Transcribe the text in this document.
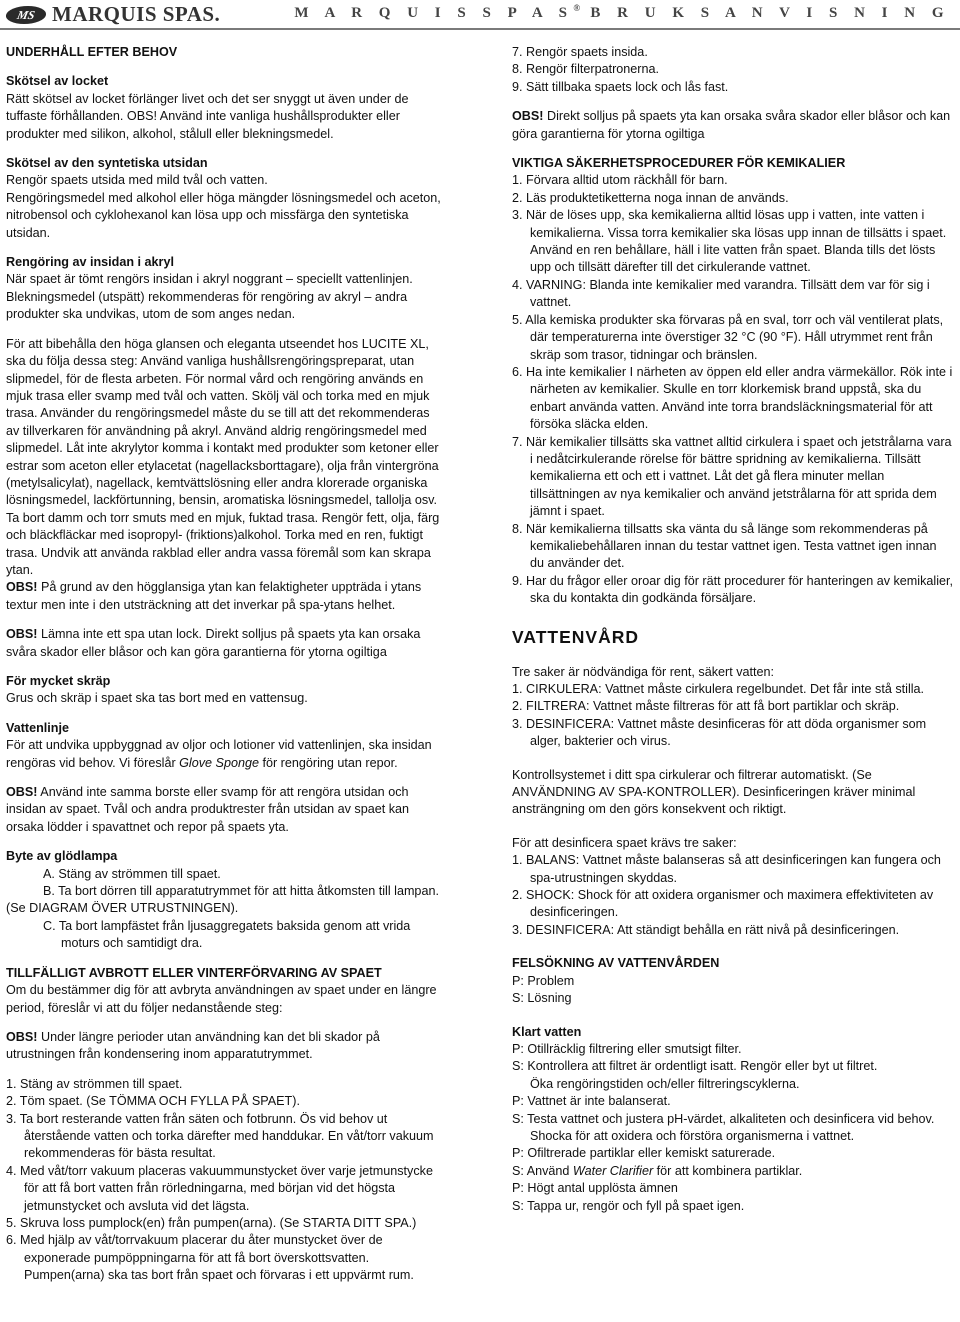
MS MARQUIS SPAS.	M A R Q U I S S P A S® B R U K S A N V I S N I N G

UNDERHÅLL EFTER BEHOV

Skötsel av locket

Rätt skötsel av locket förlänger livet och det ser snyggt ut även under de tuffaste förhållanden. OBS! Använd inte vanliga hushållsprodukter eller produkter med silikon, alkohol, stålull eller blekningsmedel.

Skötsel av den syntetiska utsidan

Rengör spaets utsida med mild tvål och vatten.

Rengöringsmedel med alkohol eller höga mängder lösningsmedel och aceton, nitrobensol och cyklohexanol kan lösa upp och missfärga den syntetiska utsidan.

Rengöring av insidan i akryl

När spaet är tömt rengörs insidan i akryl noggrant – speciellt vattenlinjen.

Blekningsmedel (utspätt) rekommenderas för rengöring av akryl – andra produkter ska undvikas, utom de som anges nedan.

För att bibehålla den höga glansen och eleganta utseendet hos LUCITE XL, ska du följa dessa steg: Använd vanliga hushållsrengöringspreparat, utan slipmedel, för de flesta arbeten. För normal vård och rengöring används en mjuk trasa eller svamp med tvål och vatten. Skölj väl och torka med en mjuk trasa. Använder du rengöringsmedel måste du se till att det rekommenderas av tillverkaren för användning på akryl. Använd aldrig rengöringsmedel med slipmedel. Låt inte akrylytor komma i kontakt med produkter som ketoner eller estrar som aceton eller etylacetat (nagellacksborttagare), olja från vintergröna (metylsalicylat), nagellack, kemtvättslösning eller andra klorerade organiska lösningsmedel, lackförtunning, bensin, aromatiska lösningsmedel, tallolja osv. Ta bort damm och torr smuts med en mjuk, fuktad trasa. Rengör fett, olja, färg och bläckfläckar med isopropyl- (friktions)alkohol. Torka med en ren, fuktigt trasa. Undvik att använda rakblad eller andra vassa föremål som kan skrapa ytan.

OBS! På grund av den högglansiga ytan kan felaktigheter uppträda i ytans textur men inte i den utsträckning att det inverkar på spa-ytans helhet.

OBS! Lämna inte ett spa utan lock. Direkt solljus på spaets yta kan orsaka svåra skador eller blåsor och kan göra garantierna för ytorna ogiltiga

För mycket skräp

Grus och skräp i spaet ska tas bort med en vattensug.

Vattenlinje

För att undvika uppbyggnad av oljor och lotioner vid vattenlinjen, ska insidan rengöras vid behov. Vi föreslår Glove Sponge för rengöring utan repor.

OBS! Använd inte samma borste eller svamp för att rengöra utsidan och insidan av spaet. Tvål och andra produktrester från utsidan av spaet kan orsaka lödder i spavattnet och repor på spaets yta.

Byte av glödlampa

A. Stäng av strömmen till spaet.

B. Ta bort dörren till apparatutrymmet för att hitta åtkomsten till lampan.

(Se DIAGRAM ÖVER UTRUSTNINGEN).

C. Ta bort lampfästet från ljusaggregatets baksida genom att vrida moturs och samtidigt dra.

TILLFÄLLIGT AVBROTT ELLER VINTERFÖRVARING AV SPAET

Om du bestämmer dig för att avbryta användningen av spaet under en längre period, föreslår vi att du följer nedanstående steg:

OBS! Under längre perioder utan användning kan det bli skador på utrustningen från kondensering inom apparatutrymmet.

1. Stäng av strömmen till spaet.

2. Töm spaet. (Se TÖMMA OCH FYLLA PÅ SPAET).

3. Ta bort resterande vatten från säten och fotbrunn. Ös vid behov ut återstående vatten och torka därefter med handdukar. En våt/torr vakuum rekommenderas för bästa resultat.

4. Med våt/torr vakuum placeras vakuummunstycket över varje jetmunstycke för att få bort vatten från rörledningarna, med början vid det högsta jetmunstycket och avsluta vid det lägsta.

5. Skruva loss pumplock(en) från pumpen(arna). (Se STARTA DITT SPA.)

6. Med hjälp av våt/torrvakuum placerar du åter munstycket över de exponerade pumpöppningarna för att få bort överskottsvatten. Pumpen(arna) ska tas bort från spaet och förvaras i ett uppvärmt rum.

7. Rengör spaets insida.

8. Rengör filterpatronerna.

9. Sätt tillbaka spaets lock och lås fast.

OBS! Direkt solljus på spaets yta kan orsaka svåra skador eller blåsor och kan göra garantierna för ytorna ogiltiga

VIKTIGA SÄKERHETSPROCEDURER FÖR KEMIKALIER

1. Förvara alltid utom räckhåll för barn.

2. Läs produktetiketterna noga innan de används.

3. När de löses upp, ska kemikalierna alltid lösas upp i vatten, inte vatten i kemikalierna. Vissa torra kemikalier ska lösas upp innan de tillsätts i spaet. Använd en ren behållare, häll i lite vatten från spaet. Blanda tills det lösts upp och tillsätt därefter till det cirkulerande vattnet.

4. VARNING: Blanda inte kemikalier med varandra. Tillsätt dem var för sig i vattnet.

5. Alla kemiska produkter ska förvaras på en sval, torr och väl ventilerat plats, där temperaturerna inte överstiger 32 °C (90 °F). Håll utrymmet rent från skräp som trasor, tidningar och bränslen.

6. Ha inte kemikalier I närheten av öppen eld eller andra värmekällor. Rök inte i närheten av kemikalier. Skulle en torr klorkemisk brand uppstå, ska du enbart använda vatten. Använd inte torra brandsläckningsmaterial för att försöka släcka elden.

7. När kemikalier tillsätts ska vattnet alltid cirkulera i spaet och jetstrålarna vara i nedåtcirkulerande rörelse för bättre spridning av kemikalierna. Tillsätt kemikalierna ett och ett i vattnet. Låt det gå flera minuter mellan tillsättningen av nya kemikalier och använd jetstrålarna för att sprida dem jämnt i spaet.

8. När kemikalierna tillsatts ska vänta du så länge som rekommenderas på kemikaliebehållaren innan du testar vattnet igen. Testa vattnet igen innan du använder det.

9. Har du frågor eller oroar dig för rätt procedurer för hanteringen av kemikalier, ska du kontakta din godkända försäljare.

VATTENVÅRD

Tre saker är nödvändiga för rent, säkert vatten:

1. CIRKULERA: Vattnet måste cirkulera regelbundet. Det får inte stå stilla.

2. FILTRERA: Vattnet måste filtreras för att få bort partiklar och skräp.

3. DESINFICERA: Vattnet måste desinficeras för att döda organismer som alger, bakterier och virus.

Kontrollsystemet i ditt spa cirkulerar och filtrerar automatiskt. (Se ANVÄNDNING AV SPA-KONTROLLER). Desinficeringen kräver minimal ansträngning om den görs konsekvent och riktigt.

För att desinficera spaet krävs tre saker:

1. BALANS: Vattnet måste balanseras så att desinficeringen kan fungera och spa-utrustningen skyddas.

2. SHOCK: Shock för att oxidera organismer och maximera effektiviteten av desinficeringen.

3. DESINFICERA: Att ständigt behålla en rätt nivå på desinficeringen.

FELSÖKNING AV VATTENVÅRDEN

P: Problem

S: Lösning

Klart vatten

P: Otillräcklig filtrering eller smutsigt filter.

S: Kontrollera att filtret är ordentligt isatt. Rengör eller byt ut filtret.

Öka rengöringstiden och/eller filtreringscyklerna.

P: Vattnet är inte balanserat.

S: Testa vattnet och justera pH-värdet, alkaliteten och desinficera vid behov.

Shocka för att oxidera och förstöra organismerna i vattnet.

P: Ofiltrerade partiklar eller kemiskt saturerade.

S: Använd Water Clarifier för att kombinera partiklar.

P: Högt antal upplösta ämnen

S: Tappa ur, rengör och fyll på spaet igen.
